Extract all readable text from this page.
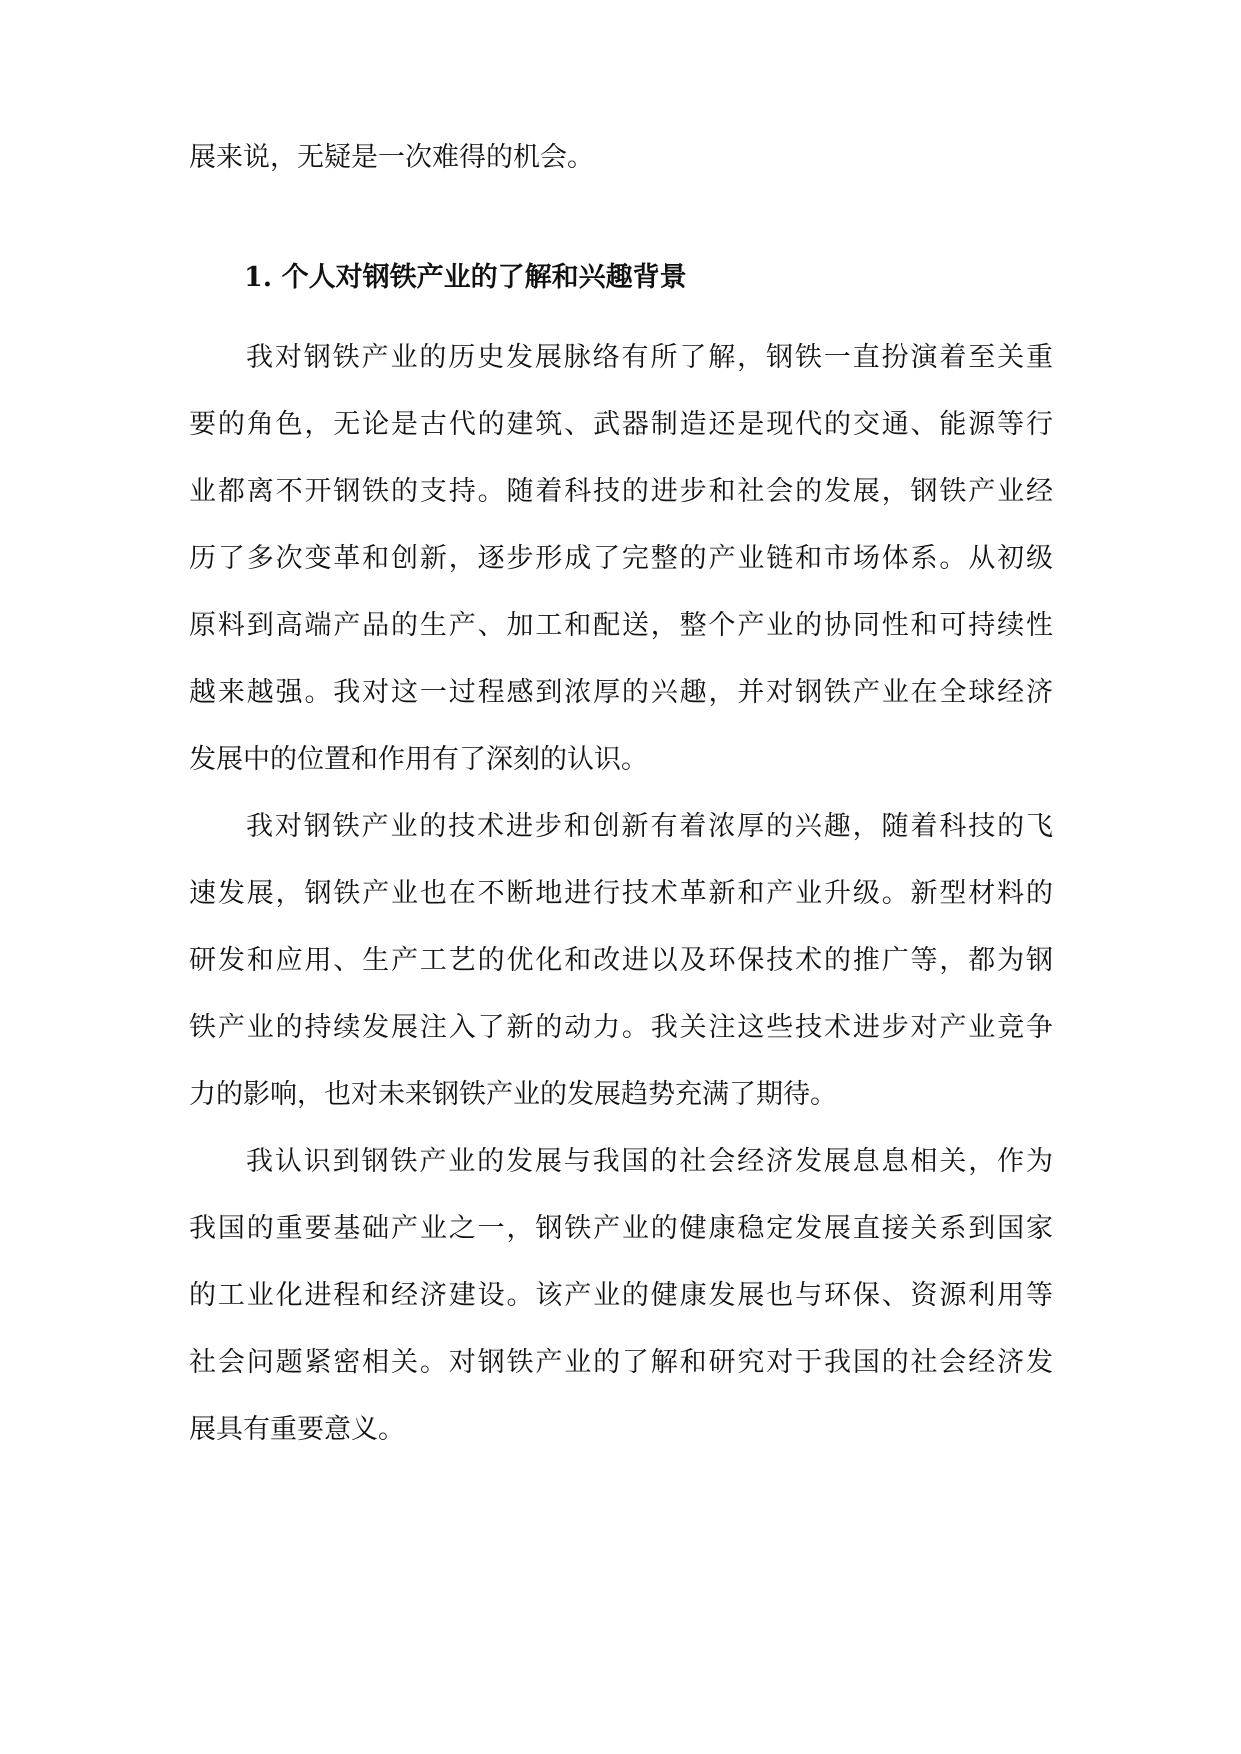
展来说，无疑是一次难得的机会。
1. 个人对钢铁产业的了解和兴趣背景
我对钢铁产业的历史发展脉络有所了解，钢铁一直扮演着至关重
要的角色，无论是古代的建筑、武器制造还是现代的交通、能源等行
业都离不开钢铁的支持。随着科技的进步和社会的发展，钢铁产业经
历了多次变革和创新，逐步形成了完整的产业链和市场体系。从初级
原料到高端产品的生产、加工和配送，整个产业的协同性和可持续性
越来越强。我对这一过程感到浓厚的兴趣，并对钢铁产业在全球经济
发展中的位置和作用有了深刻的认识。
我对钢铁产业的技术进步和创新有着浓厚的兴趣，随着科技的飞
速发展，钢铁产业也在不断地进行技术革新和产业升级。新型材料的
研发和应用、生产工艺的优化和改进以及环保技术的推广等，都为钢
铁产业的持续发展注入了新的动力。我关注这些技术进步对产业竞争
力的影响，也对未来钢铁产业的发展趋势充满了期待。
我认识到钢铁产业的发展与我国的社会经济发展息息相关，作为
我国的重要基础产业之一，钢铁产业的健康稳定发展直接关系到国家
的工业化进程和经济建设。该产业的健康发展也与环保、资源利用等
社会问题紧密相关。对钢铁产业的了解和研究对于我国的社会经济发
展具有重要意义。
